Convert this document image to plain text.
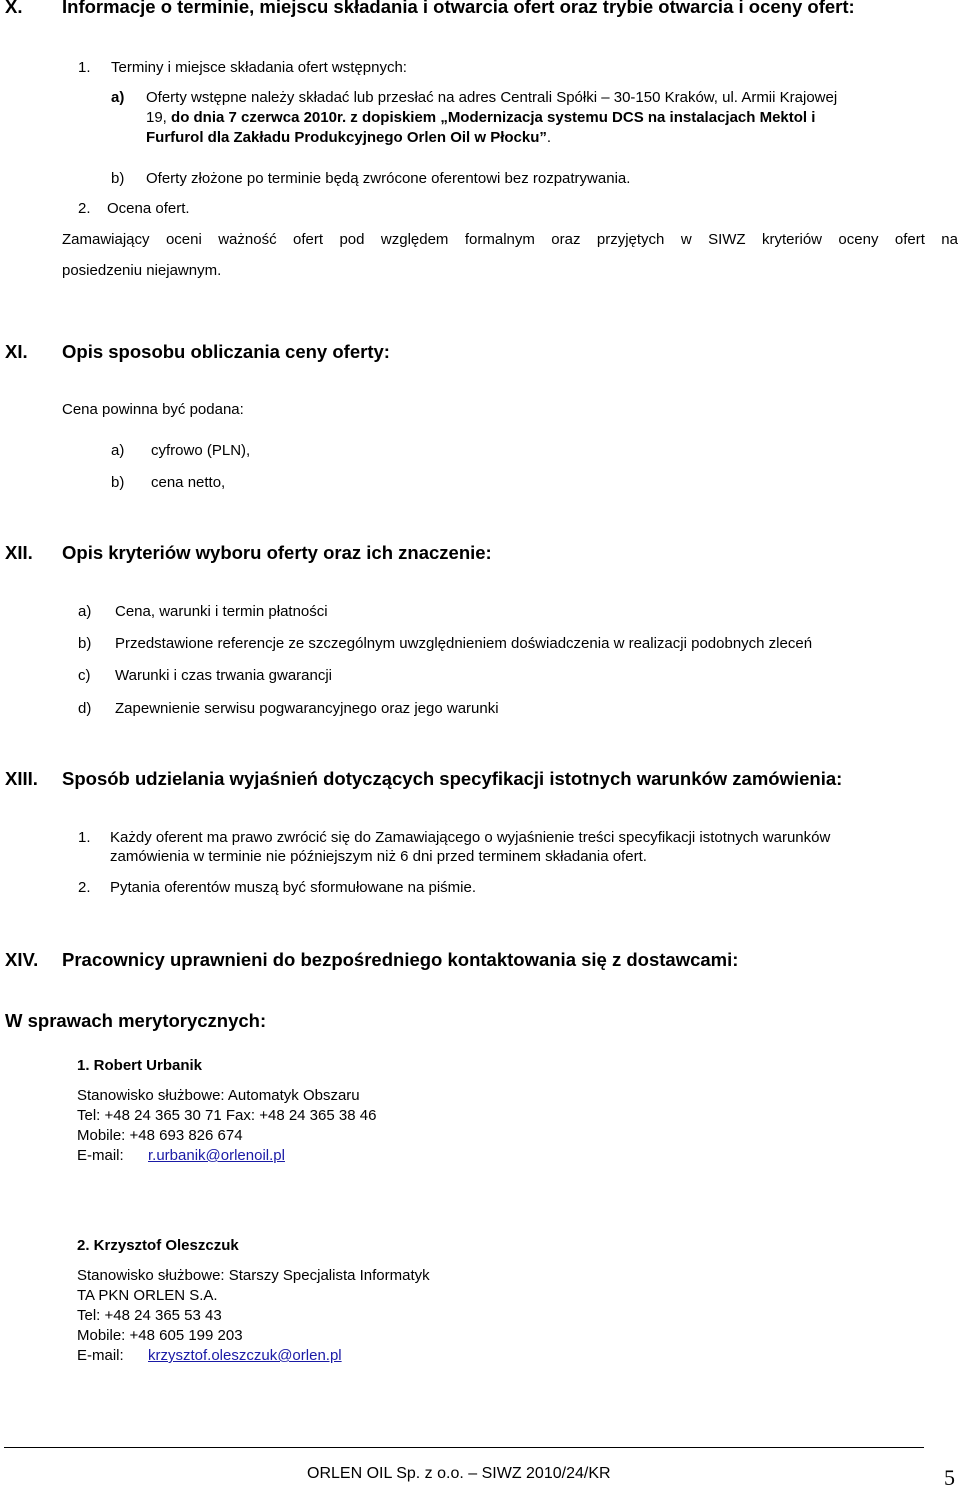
X. Informacje o terminie, miejscu składania i otwarcia ofert oraz trybie otwarcia i oceny ofert:
1. Terminy i miejsce składania ofert wstępnych:
a) Oferty wstępne należy składać lub przesłać na adres Centrali Spółki – 30-150 Kraków, ul. Armii Krajowej
19, do dnia 7 czerwca 2010r. z dopiskiem „Modernizacja systemu DCS na instalacjach Mektol i
Furfurol dla Zakładu Produkcyjnego Orlen Oil w Płocku”.
b) Oferty złożone po terminie będą zwrócone oferentowi bez rozpatrywania.
2. Ocena ofert.
Zamawiający oceni ważność ofert pod względem formalnym oraz przyjętych w SIWZ kryteriów oceny ofert na
posiedzeniu niejawnym.
XI. Opis sposobu obliczania ceny oferty:
Cena powinna być podana:
a) cyfrowo (PLN),
b) cena netto,
XII. Opis kryteriów wyboru oferty oraz ich znaczenie:
a) Cena, warunki i termin płatności
b) Przedstawione referencje ze szczególnym uwzględnieniem doświadczenia w realizacji podobnych zleceń
c) Warunki i czas trwania gwarancji
d) Zapewnienie serwisu pogwarancyjnego oraz jego warunki
XIII. Sposób udzielania wyjaśnień dotyczących specyfikacji istotnych warunków zamówienia:
1. Każdy oferent ma prawo zwrócić się do Zamawiającego o wyjaśnienie treści specyfikacji istotnych warunków
zamówienia w terminie nie późniejszym niż 6 dni przed terminem składania ofert.
2. Pytania oferentów muszą być sformułowane na piśmie.
XIV. Pracownicy uprawnieni do bezpośredniego kontaktowania się z dostawcami:
W sprawach merytorycznych:
1. Robert Urbanik
Stanowisko służbowe: Automatyk Obszaru
Tel: +48 24 365 30 71 Fax: +48 24 365 38 46
Mobile: +48 693 826 674
E-mail: r.urbanik@orlenoil.pl
2. Krzysztof Oleszczuk
Stanowisko służbowe: Starszy Specjalista Informatyk
TA PKN ORLEN S.A.
Tel: +48 24 365 53 43
Mobile: +48 605 199 203
E-mail: krzysztof.oleszczuk@orlen.pl
ORLEN OIL Sp. z o.o. – SIWZ 2010/24/KR	5
